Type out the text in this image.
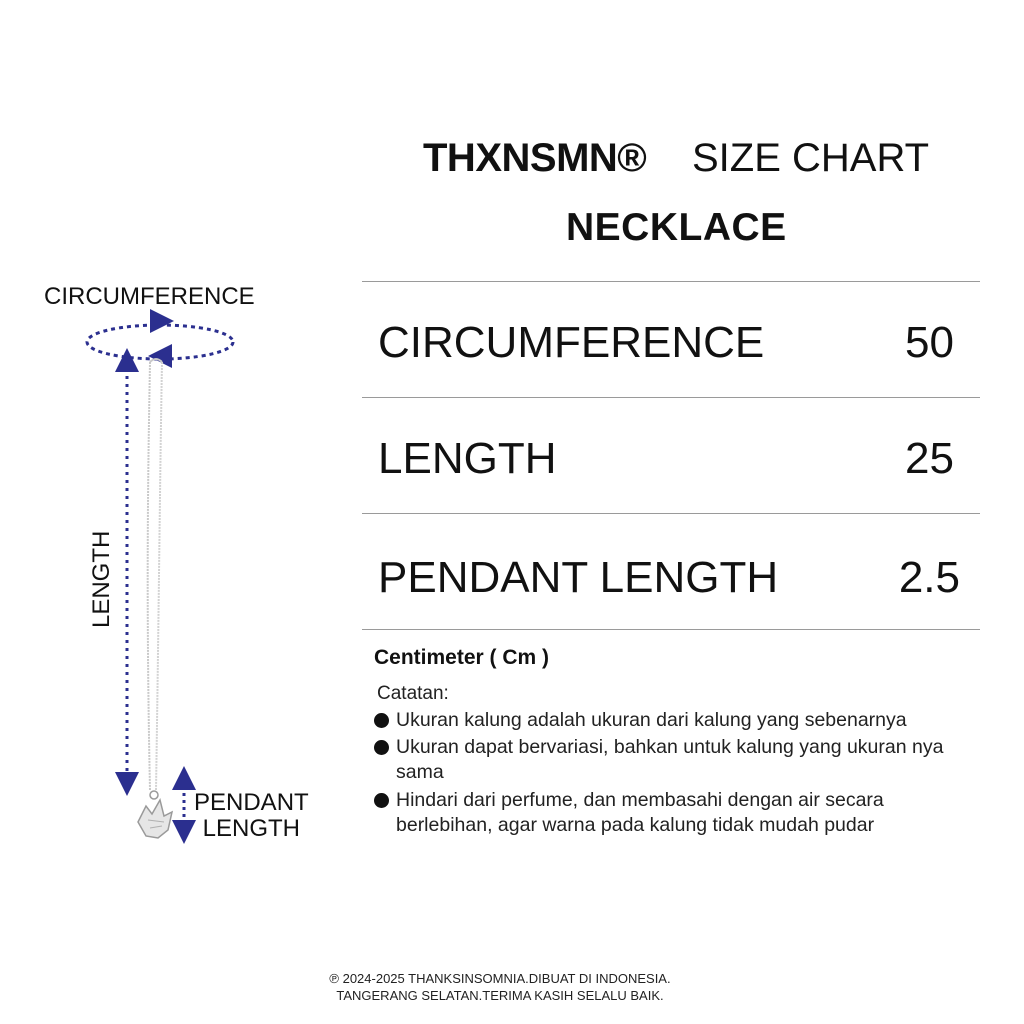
THXNSMN® SIZE CHART
NECKLACE
CIRCUMFERENCE	50
LENGTH	25
PENDANT LENGTH	2.5
Centimeter ( Cm )
Catatan:
Ukuran kalung adalah ukuran dari kalung yang sebenarnya
Ukuran dapat bervariasi, bahkan untuk kalung yang ukuran nya sama
Hindari dari perfume, dan membasahi dengan air secara berlebihan, agar warna pada kalung tidak mudah pudar
CIRCUMFERENCE
LENGTH
PENDANT
LENGTH
℗ 2024-2025 THANKSINSOMNIA.DIBUAT DI INDONESIA.
TANGERANG SELATAN.TERIMA KASIH SELALU BAIK.
